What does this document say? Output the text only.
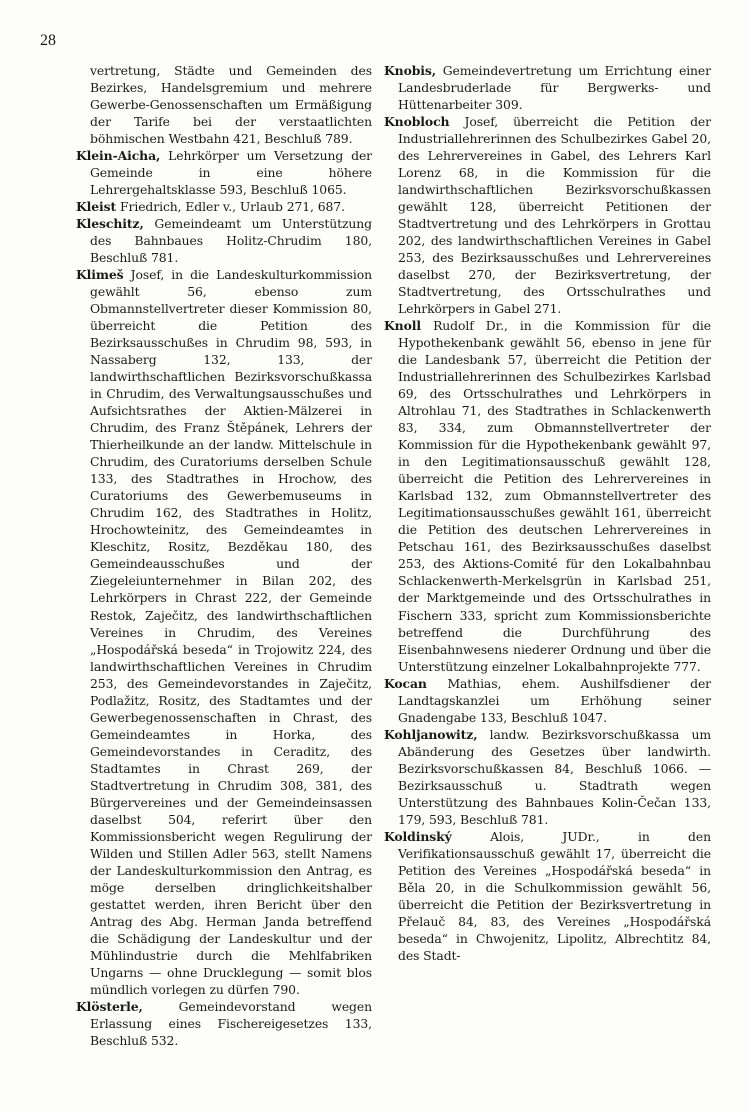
28

vertretung, Städte und Gemeinden des Bezirkes, Handelsgremium und mehrere Gewerbe-Genossenschaften um Ermäßigung der Tarife bei der verstaatlichten böhmischen Westbahn 421, Beschluß 789.

Klein-Aicha, Lehrkörper um Versetzung der Gemeinde in eine höhere Lehrergehaltsklasse 593, Beschluß 1065.

Kleist Friedrich, Edler v., Urlaub 271, 687.

Kleschitz, Gemeindeamt um Unterstützung des Bahnbaues Holitz-Chrudim 180, Beschluß 781.

Klimeš Josef, in die Landeskulturkommission gewählt 56, ebenso zum Obmannstellvertreter dieser Kommission 80, überreicht die Petition des Bezirksausschußes in Chrudim 98, 593, in Nassaberg 132, 133, der landwirthschaftlichen Bezirksvorschußkassa in Chrudim, des Verwaltungsausschußes und Aufsichtsrathes der Aktien-Mälzerei in Chrudim, des Franz Štěpánek, Lehrers der Thierheilkunde an der landw. Mittelschule in Chrudim, des Curatoriums derselben Schule 133, des Stadtrathes in Hrochow, des Curatoriums des Gewerbemuseums in Chrudim 162, des Stadtrathes in Holitz, Hrochowteinitz, des Gemeindeamtes in Kleschitz, Rositz, Bezděkau 180, des Gemeindeausschußes und der Ziegeleiunternehmer in Bilan 202, des Lehrkörpers in Chrast 222, der Gemeinde Restok, Zaječitz, des landwirthschaftlichen Vereines in Chrudim, des Vereines „Hospodářská beseda“ in Trojowitz 224, des landwirthschaftlichen Vereines in Chrudim 253, des Gemeindevorstandes in Zaječitz, Podlažitz, Rositz, des Stadtamtes und der Gewerbegenossenschaften in Chrast, des Gemeindeamtes in Horka, des Gemeindevorstandes in Ceraditz, des Stadtamtes in Chrast 269, der Stadtvertretung in Chrudim 308, 381, des Bürgervereines und der Gemeindeinsassen daselbst 504, referirt über den Kommissionsbericht wegen Regulirung der Wilden und Stillen Adler 563, stellt Namens der Landeskulturkommission den Antrag, es möge derselben dringlichkeitshalber gestattet werden, ihren Bericht über den Antrag des Abg. Herman Janda betreffend die Schädigung der Landeskultur und der Mühlindustrie durch die Mehlfabriken Ungarns — ohne Drucklegung — somit blos mündlich vorlegen zu dürfen 790.

Klösterle,	Gemeindevorstand wegen Erlassung eines Fischereigesetzes 133, Beschluß 532.

Knobis, Gemeindevertretung um Errichtung einer Landesbruderlade für Bergwerks- und Hüttenarbeiter 309.

Knobloch Josef, überreicht die Petition der Industriallehrerinnen des Schulbezirkes Gabel 20, des Lehrervereines in Gabel, des Lehrers Karl Lorenz 68, in die Kommission für die landwirthschaftlichen Bezirksvorschußkassen gewählt 128, überreicht Petitionen der Stadtvertretung und des Lehrkörpers in Grottau 202, des landwirthschaftlichen Vereines in Gabel 253, des Bezirksausschußes und Lehrervereines daselbst 270, der Bezirksvertretung, der Stadtvertretung, des Ortsschulrathes und Lehrkörpers in Gabel 271.

Knoll Rudolf Dr., in die Kommission für die Hypothekenbank gewählt 56, ebenso in jene für die Landesbank 57, überreicht die Petition der Industriallehrerinnen des Schulbezirkes Karlsbad 69, des Ortsschulrathes und Lehrkörpers in Altrohlau 71, des Stadtrathes in Schlackenwerth 83, 334, zum Obmannstellvertreter der Kommission für die Hypothekenbank gewählt 97, in den Legitimationsausschuß gewählt 128, überreicht die Petition des Lehrervereines in Karlsbad 132, zum Obmannstellvertreter des Legitimationsausschußes gewählt 161, überreicht die Petition des deutschen Lehrervereines in Petschau 161, des Bezirksausschußes daselbst 253, des Aktions-Comité für den Lokalbahnbau Schlackenwerth-Merkelsgrün in Karlsbad 251, der Marktgemeinde und des Ortsschulrathes in Fischern 333, spricht zum Kommissionsberichte betreffend die Durchführung des Eisenbahnwesens niederer Ordnung und über die Unterstützung einzelner Lokalbahnprojekte 777.

Kocan Mathias, ehem. Aushilfsdiener der Landtagskanzlei um Erhöhung seiner Gnadengabe 133, Beschluß 1047.

Kohljanowitz, landw. Bezirksvorschußkassa um Abänderung des Gesetzes über landwirth. Bezirksvorschußkassen 84, Beschluß 1066. — Bezirksausschuß u. Stadtrath wegen Unterstützung des Bahnbaues Kolin-Čečan 133, 179, 593, Beschluß 781.

Koldinský	Alois, JUDr., in den Verifikationsausschuß gewählt 17, überreicht die Petition des Vereines „Hospodářská beseda“ in Běla 20, in die Schulkommission gewählt 56, überreicht die Petition der Bezirksvertretung in Přelauč 84, 83, des Vereines „Hospodářská beseda“ in Chwojenitz, Lipolitz, Albrechtitz 84, des Stadt-
